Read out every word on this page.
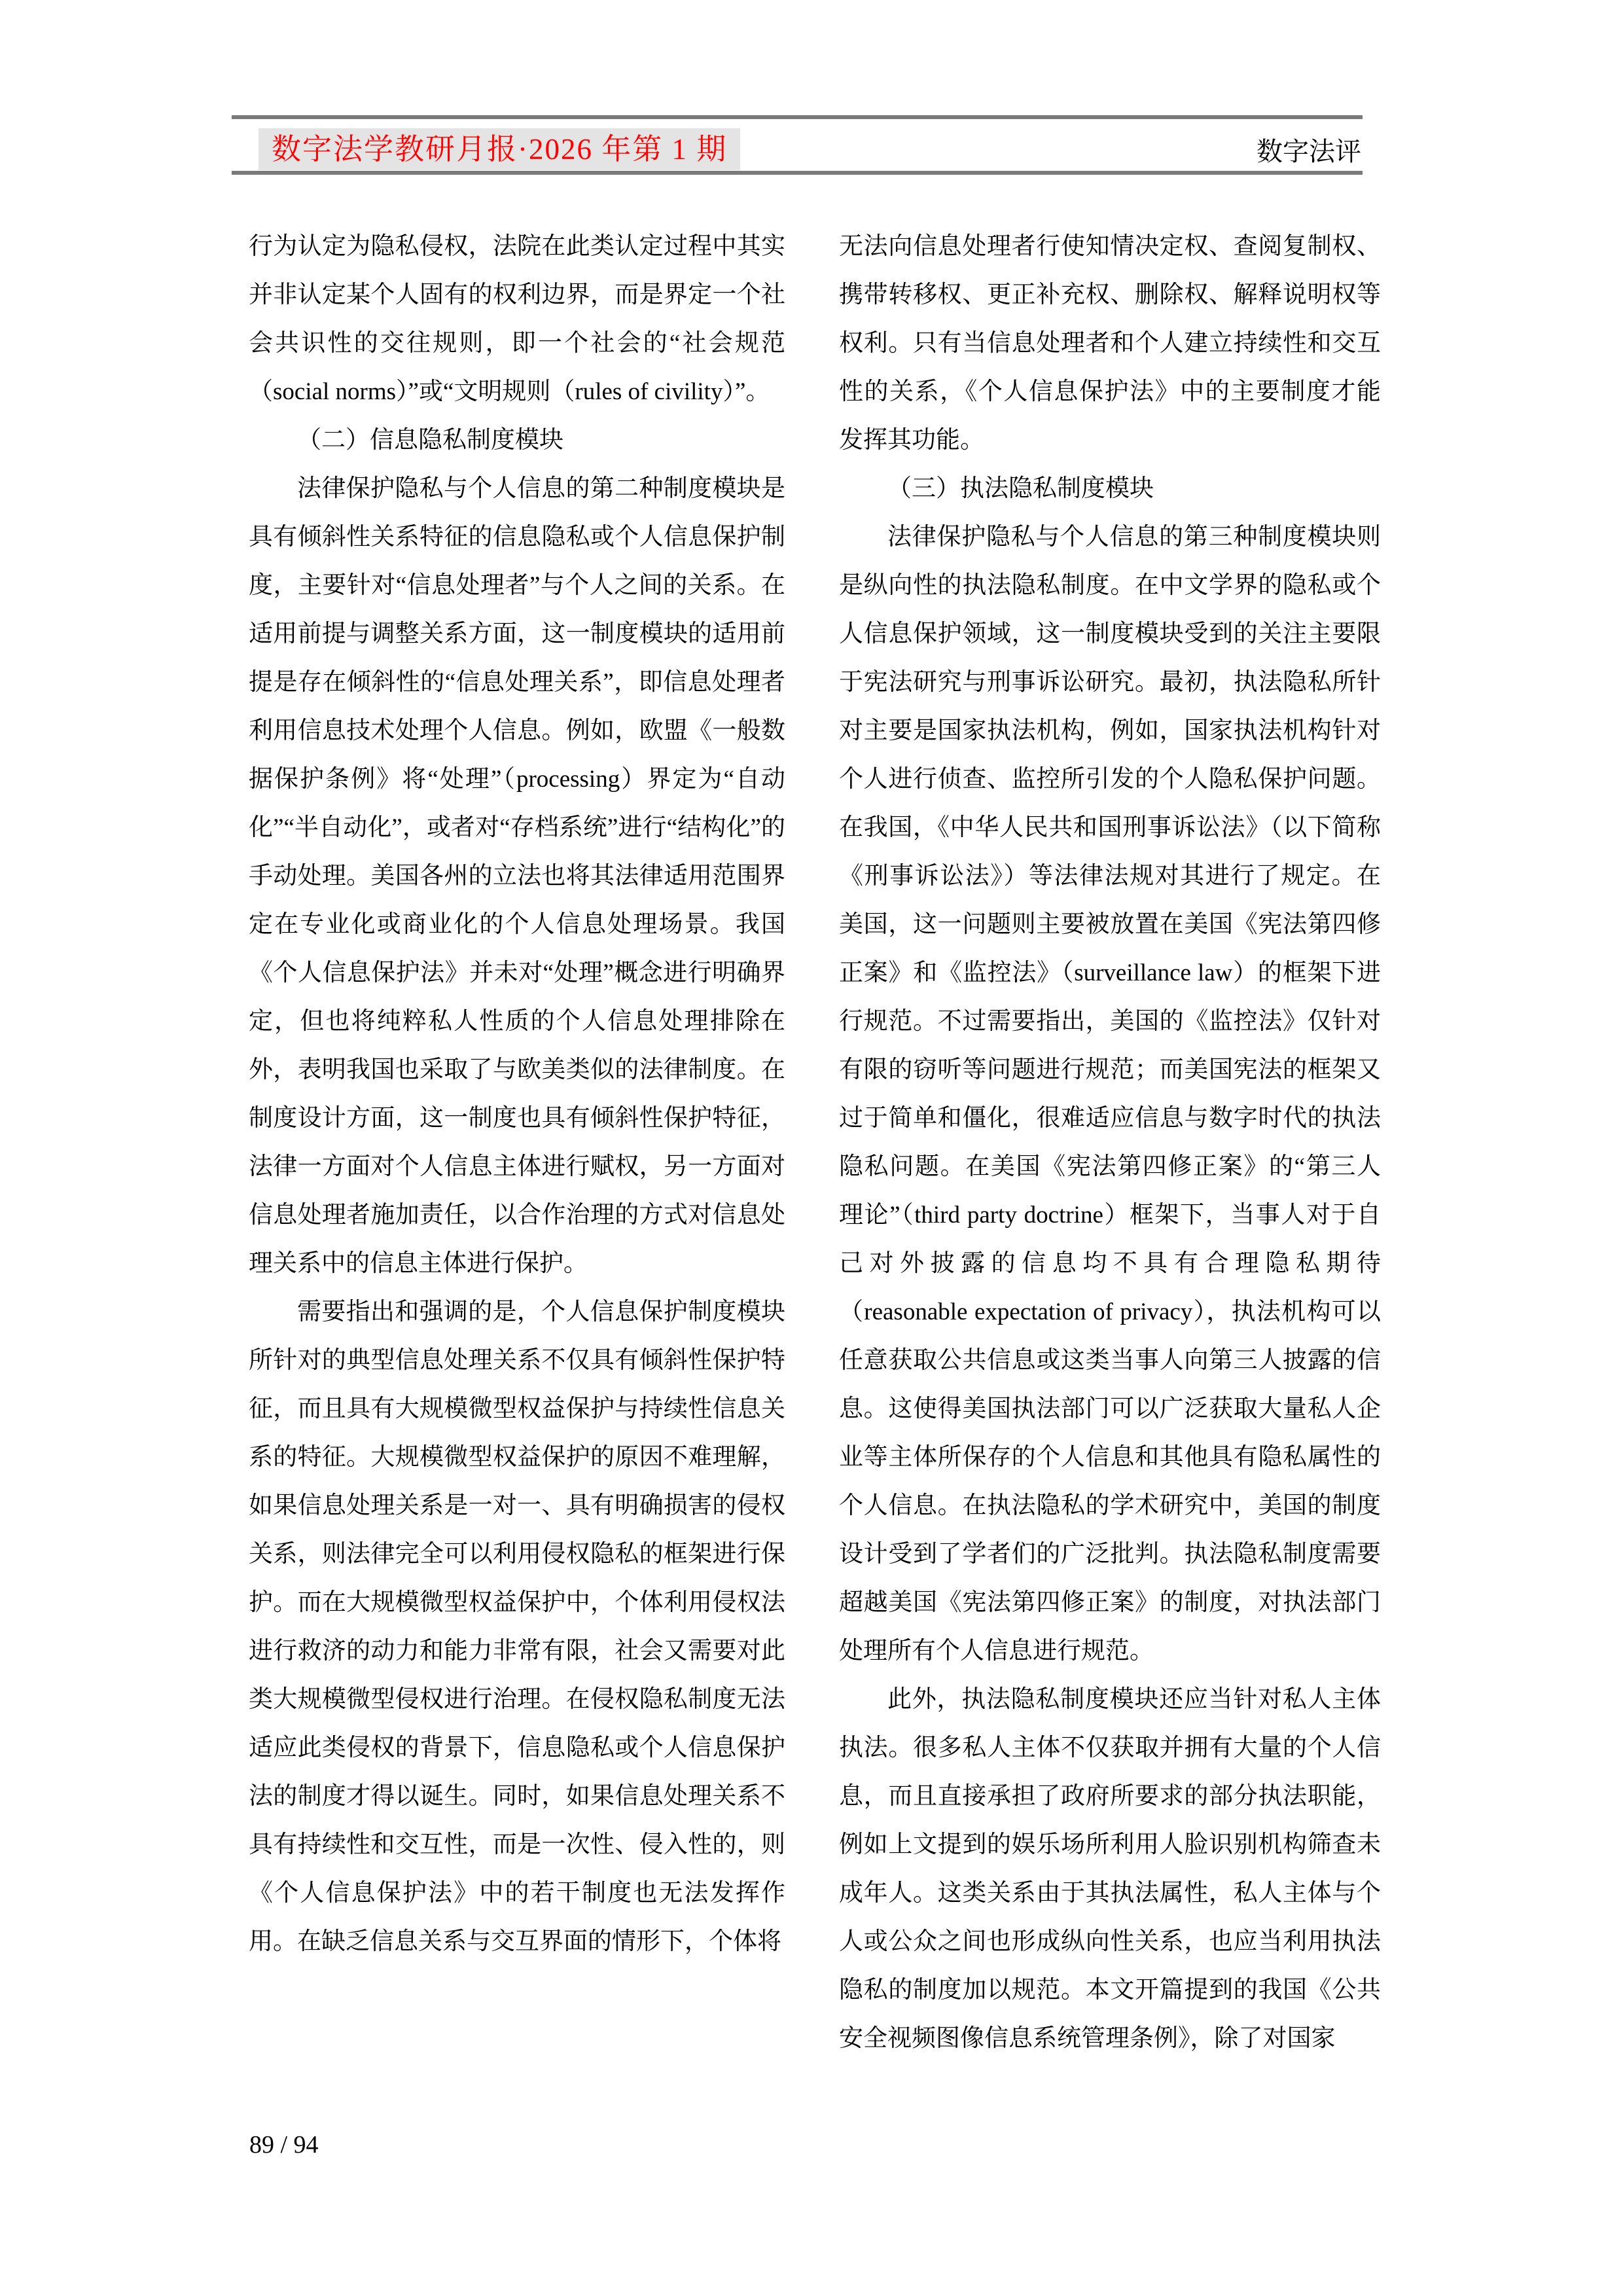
数字法学教研月报·2026 年第 1 期	数字法评

行为认定为隐私侵权，法院在此类认定过程中其实并非认定某个人固有的权利边界，而是界定一个社会共识性的交往规则，即一个社会的“社会规范（social norms）”或“文明规则（rules of civility）”。

（二）信息隐私制度模块

法律保护隐私与个人信息的第二种制度模块是具有倾斜性关系特征的信息隐私或个人信息保护制度，主要针对“信息处理者”与个人之间的关系。在适用前提与调整关系方面，这一制度模块的适用前提是存在倾斜性的“信息处理关系”，即信息处理者利用信息技术处理个人信息。例如，欧盟《一般数据保护条例》将“处理”（processing）界定为“自动化”“半自动化”，或者对“存档系统”进行“结构化”的手动处理。美国各州的立法也将其法律适用范围界定在专业化或商业化的个人信息处理场景。我国《个人信息保护法》并未对“处理”概念进行明确界定，但也将纯粹私人性质的个人信息处理排除在外，表明我国也采取了与欧美类似的法律制度。在制度设计方面，这一制度也具有倾斜性保护特征，法律一方面对个人信息主体进行赋权，另一方面对信息处理者施加责任，以合作治理的方式对信息处理关系中的信息主体进行保护。

需要指出和强调的是，个人信息保护制度模块所针对的典型信息处理关系不仅具有倾斜性保护特征，而且具有大规模微型权益保护与持续性信息关系的特征。大规模微型权益保护的原因不难理解，如果信息处理关系是一对一、具有明确损害的侵权关系，则法律完全可以利用侵权隐私的框架进行保护。而在大规模微型权益保护中，个体利用侵权法进行救济的动力和能力非常有限，社会又需要对此类大规模微型侵权进行治理。在侵权隐私制度无法适应此类侵权的背景下，信息隐私或个人信息保护法的制度才得以诞生。同时，如果信息处理关系不具有持续性和交互性，而是一次性、侵入性的，则《个人信息保护法》中的若干制度也无法发挥作用。在缺乏信息关系与交互界面的情形下，个体将

无法向信息处理者行使知情决定权、查阅复制权、携带转移权、更正补充权、删除权、解释说明权等权利。只有当信息处理者和个人建立持续性和交互性的关系，《个人信息保护法》中的主要制度才能发挥其功能。

（三）执法隐私制度模块

法律保护隐私与个人信息的第三种制度模块则是纵向性的执法隐私制度。在中文学界的隐私或个人信息保护领域，这一制度模块受到的关注主要限于宪法研究与刑事诉讼研究。最初，执法隐私所针对主要是国家执法机构，例如，国家执法机构针对个人进行侦查、监控所引发的个人隐私保护问题。在我国，《中华人民共和国刑事诉讼法》（以下简称《刑事诉讼法》）等法律法规对其进行了规定。在美国，这一问题则主要被放置在美国《宪法第四修正案》和《监控法》（surveillance law）的框架下进行规范。不过需要指出，美国的《监控法》仅针对有限的窃听等问题进行规范；而美国宪法的框架又过于简单和僵化，很难适应信息与数字时代的执法隐私问题。在美国《宪法第四修正案》的“第三人理论”（third party doctrine）框架下，当事人对于自己对外披露的信息均不具有合理隐私期待（reasonable expectation of privacy），执法机构可以任意获取公共信息或这类当事人向第三人披露的信息。这使得美国执法部门可以广泛获取大量私人企业等主体所保存的个人信息和其他具有隐私属性的个人信息。在执法隐私的学术研究中，美国的制度设计受到了学者们的广泛批判。执法隐私制度需要超越美国《宪法第四修正案》的制度，对执法部门处理所有个人信息进行规范。

此外，执法隐私制度模块还应当针对私人主体执法。很多私人主体不仅获取并拥有大量的个人信息，而且直接承担了政府所要求的部分执法职能，例如上文提到的娱乐场所利用人脸识别机构筛查未成年人。这类关系由于其执法属性，私人主体与个人或公众之间也形成纵向性关系，也应当利用执法隐私的制度加以规范。本文开篇提到的我国《公共安全视频图像信息系统管理条例》，除了对国家

89 / 94
